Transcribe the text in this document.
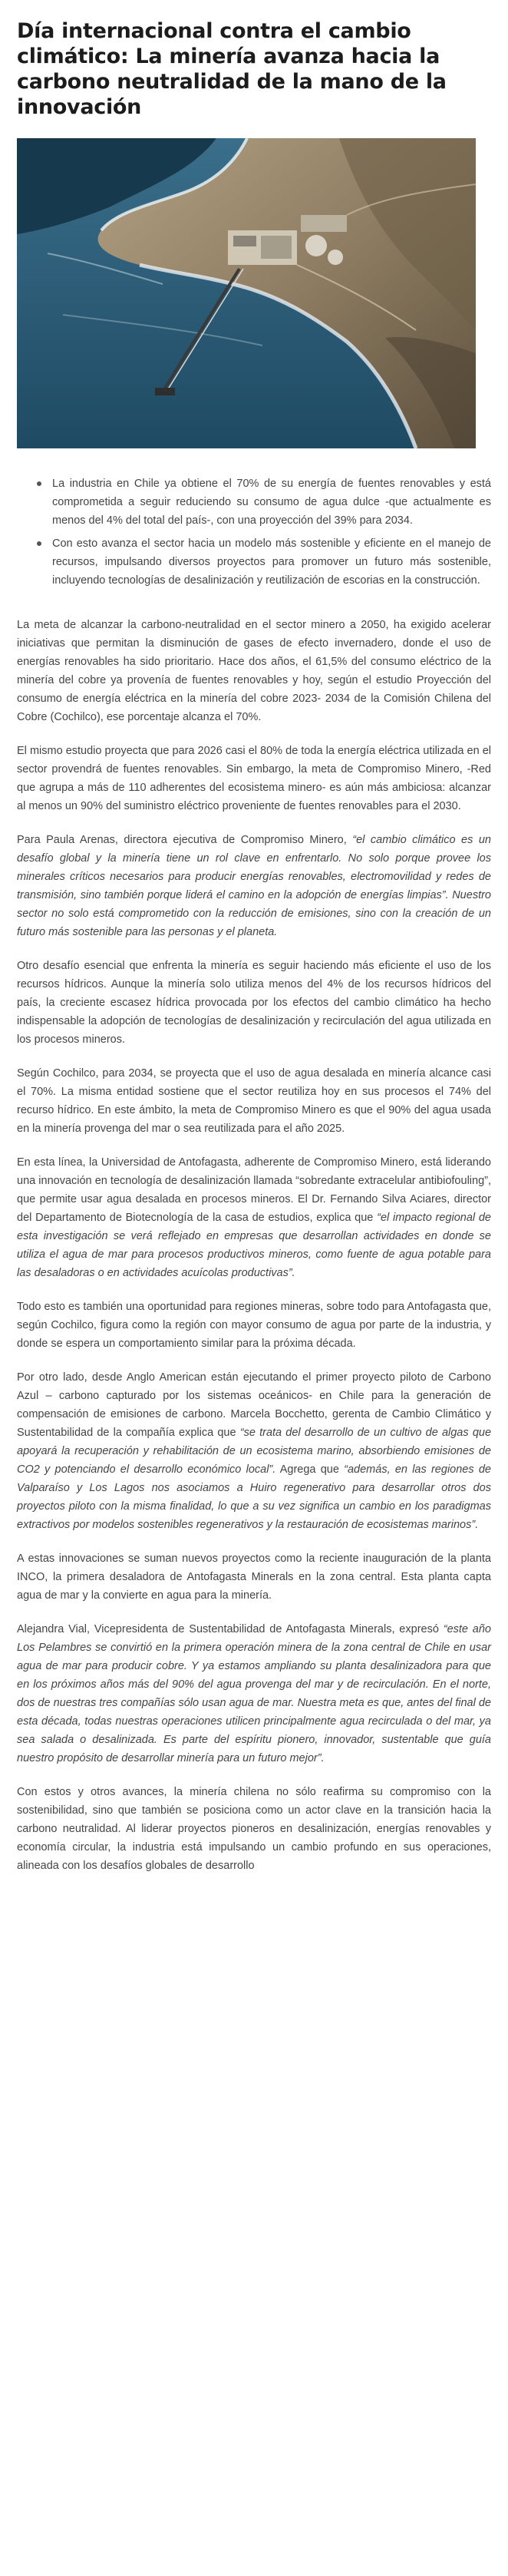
Día internacional contra el cambio climático: La minería avanza hacia la carbono neutralidad de la mano de la innovación
La industria en Chile ya obtiene el 70% de su energía de fuentes renovables y está comprometida a seguir reduciendo su consumo de agua dulce -que actualmente es menos del 4% del total del país-, con una proyección del 39% para 2034.
Con esto avanza el sector hacia un modelo más sostenible y eficiente en el manejo de recursos, impulsando diversos proyectos para promover un futuro más sostenible, incluyendo tecnologías de desalinización y reutilización de escorias en la construcción.

La meta de alcanzar la carbono-neutralidad en el sector minero a 2050, ha exigido acelerar iniciativas que permitan la disminución de gases de efecto invernadero, donde el uso de energías renovables ha sido prioritario. Hace dos años, el 61,5% del consumo eléctrico de la minería del cobre ya provenía de fuentes renovables y hoy, según el estudio Proyección del consumo de energía eléctrica en la minería del cobre 2023- 2034 de la Comisión Chilena del Cobre (Cochilco), ese porcentaje alcanza el 70%.

El mismo estudio proyecta que para 2026 casi el 80% de toda la energía eléctrica utilizada en el sector provendrá de fuentes renovables. Sin embargo, la meta de Compromiso Minero, -Red que agrupa a más de 110 adherentes del ecosistema minero- es aún más ambiciosa: alcanzar al menos un 90% del suministro eléctrico proveniente de fuentes renovables para el 2030.

Para Paula Arenas, directora ejecutiva de Compromiso Minero, “el cambio climático es un desafío global y la minería tiene un rol clave en enfrentarlo. No solo porque provee los minerales críticos necesarios para producir energías renovables, electromovilidad y redes de transmisión, sino también porque liderá el camino en la adopción de energías limpias”. Nuestro sector no solo está comprometido con la reducción de emisiones, sino con la creación de un futuro más sostenible para las personas y el planeta.

Otro desafío esencial que enfrenta la minería es seguir haciendo más eficiente el uso de los recursos hídricos. Aunque la minería solo utiliza menos del 4% de los recursos hídricos del país, la creciente escasez hídrica provocada por los efectos del cambio climático ha hecho indispensable la adopción de tecnologías de desalinización y recirculación del agua utilizada en los procesos mineros.

Según Cochilco, para 2034, se proyecta que el uso de agua desalada en minería alcance casi el 70%. La misma entidad sostiene que el sector reutiliza hoy en sus procesos el 74% del recurso hídrico. En este ámbito, la meta de Compromiso Minero es que el 90% del agua usada en la minería provenga del mar o sea reutilizada para el año 2025.

En esta línea, la Universidad de Antofagasta, adherente de Compromiso Minero, está liderando una innovación en tecnología de desalinización llamada “sobredante extracelular antibiofouling”, que permite usar agua desalada en procesos mineros. El Dr. Fernando Silva Aciares, director del Departamento de Biotecnología de la casa de estudios, explica que “el impacto regional de esta investigación se verá reflejado en empresas que desarrollan actividades en donde se utiliza el agua de mar para procesos productivos mineros, como fuente de agua potable para las desaladoras o en actividades acuícolas productivas”.

Todo esto es también una oportunidad para regiones mineras, sobre todo para Antofagasta que, según Cochilco, figura como la región con mayor consumo de agua por parte de la industria, y donde se espera un comportamiento similar para la próxima década.

Por otro lado, desde Anglo American están ejecutando el primer proyecto piloto de Carbono Azul – carbono capturado por los sistemas oceánicos- en Chile para la generación de compensación de emisiones de carbono. Marcela Bocchetto, gerenta de Cambio Climático y Sustentabilidad de la compañía explica que “se trata del desarrollo de un cultivo de algas que apoyará la recuperación y rehabilitación de un ecosistema marino, absorbiendo emisiones de CO2 y potenciando el desarrollo económico local”. Agrega que “además, en las regiones de Valparaíso y Los Lagos nos asociamos a Huiro regenerativo para desarrollar otros dos proyectos piloto con la misma finalidad, lo que a su vez significa un cambio en los paradigmas extractivos por modelos sostenibles regenerativos y la restauración de ecosistemas marinos”.

A estas innovaciones se suman nuevos proyectos como la reciente inauguración de la planta INCO, la primera desaladora de Antofagasta Minerals en la zona central. Esta planta capta agua de mar y la convierte en agua para la minería.

Alejandra Vial, Vicepresidenta de Sustentabilidad de Antofagasta Minerals, expresó “este año Los Pelambres se convirtió en la primera operación minera de la zona central de Chile en usar agua de mar para producir cobre. Y ya estamos ampliando su planta desalinizadora para que en los próximos años más del 90% del agua provenga del mar y de recirculación. En el norte, dos de nuestras tres compañías sólo usan agua de mar. Nuestra meta es que, antes del final de esta década, todas nuestras operaciones utilicen principalmente agua recirculada o del mar, ya sea salada o desalinizada. Es parte del espíritu pionero, innovador, sustentable que guía nuestro propósito de desarrollar minería para un futuro mejor”.

Con estos y otros avances, la minería chilena no sólo reafirma su compromiso con la sostenibilidad, sino que también se posiciona como un actor clave en la transición hacia la carbono neutralidad. Al liderar proyectos pioneros en desalinización, energías renovables y economía circular, la industria está impulsando un cambio profundo en sus operaciones, alineada con los desafíos globales de desarrollo
